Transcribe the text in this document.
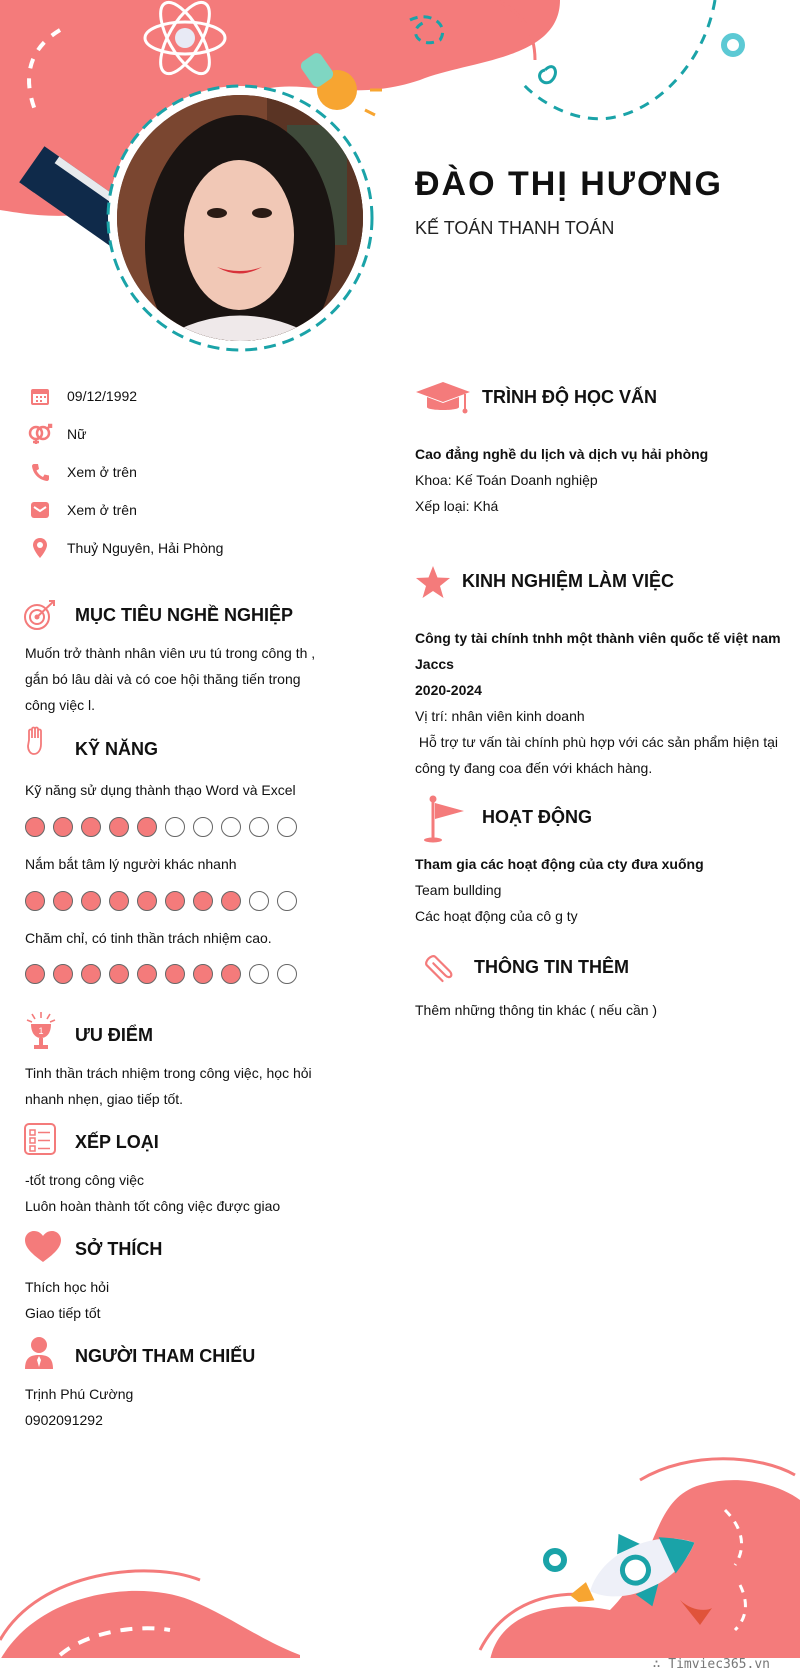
ĐÀO THỊ HƯƠNG
KẾ TOÁN THANH TOÁN
09/12/1992
Nữ
Xem ở trên
Xem ở trên
Thuỷ Nguyên, Hải Phòng
MỤC TIÊU NGHỀ NGHIỆP
Muốn trở thành nhân viên ưu tú trong công th ,
gắn bó lâu dài và có coe hội thăng tiến trong
công việc l.
KỸ NĂNG
Kỹ năng sử dụng thành thạo Word và Excel
Nắm bắt tâm lý người khác nhanh
Chăm chỉ, có tinh thần trách nhiệm cao.
1 ƯU ĐIỂM
Tinh thần trách nhiệm trong công việc, học hỏi
nhanh nhẹn, giao tiếp tốt.
XẾP LOẠI
-tốt trong công việc
Luôn hoàn thành tốt công việc được giao
SỞ THÍCH
Thích học hỏi
Giao tiếp tốt
NGƯỜI THAM CHIẾU
Trịnh Phú Cường
0902091292
TRÌNH ĐỘ HỌC VẤN
Cao đẳng nghề du lịch và dịch vụ hải phòng
Khoa: Kế Toán Doanh nghiệp
Xếp loại: Khá
KINH NGHIỆM LÀM VIỆC
Công ty tài chính tnhh một thành viên quốc tế việt nam
Jaccs
2020-2024
Vị trí: nhân viên kinh doanh
Hỗ trợ tư vấn tài chính phù hợp với các sản phẩm hiện tại
công ty đang coa đến với khách hàng.
HOẠT ĐỘNG
Tham gia các hoạt động của cty đưa xuống
Team bullding
Các hoạt động của cô g ty
THÔNG TIN THÊM
Thêm những thông tin khác ( nếu cần )
∴ Timviec365.vn
